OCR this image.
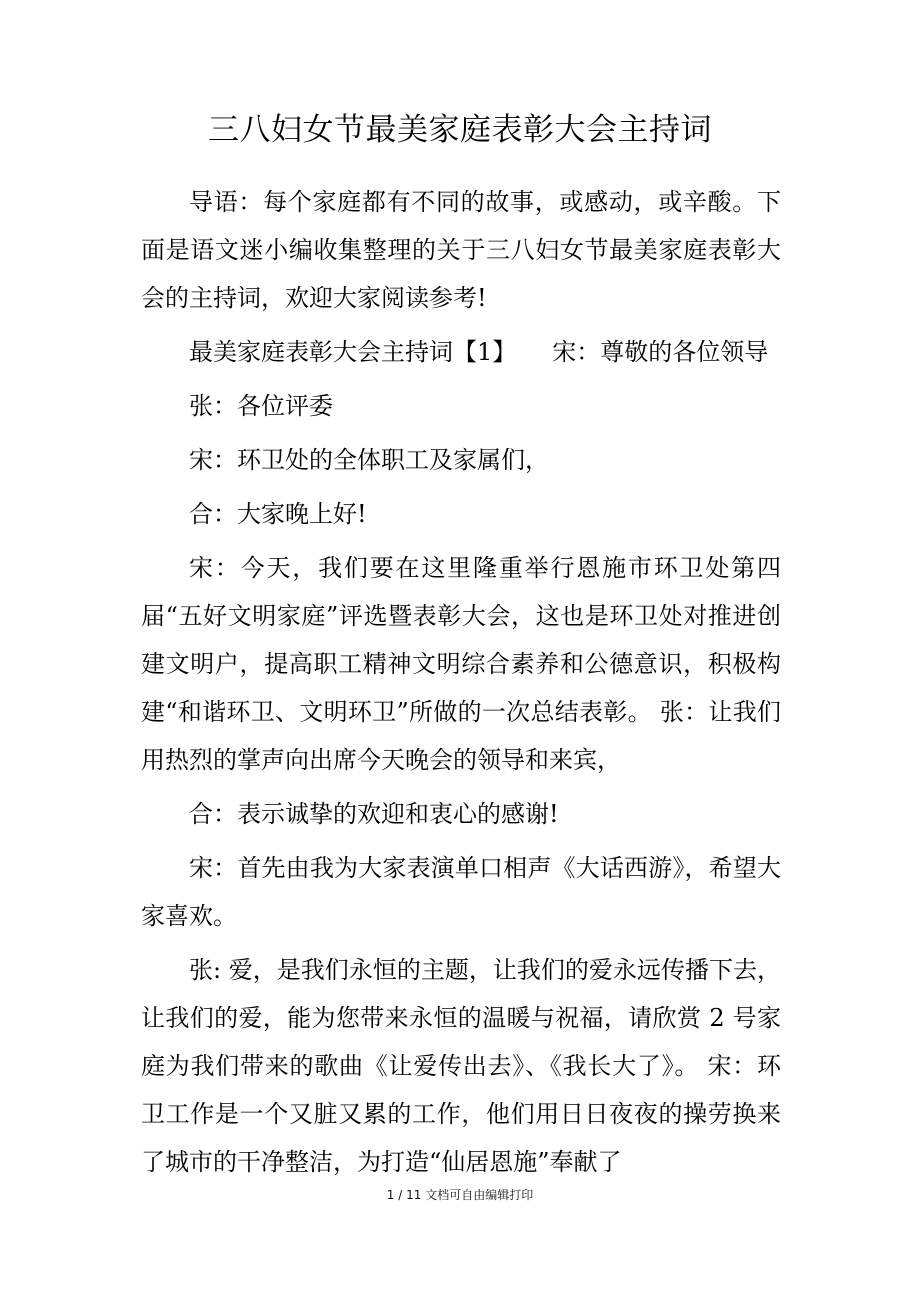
三八妇女节最美家庭表彰大会主持词

导语：每个家庭都有不同的故事，或感动，或辛酸。下面是语文迷小编收集整理的关于三八妇女节最美家庭表彰大会的主持词，欢迎大家阅读参考!

最美家庭表彰大会主持词【1】　　宋：尊敬的各位领导

张：各位评委

宋：环卫处的全体职工及家属们，

合：大家晚上好!

宋：今天，我们要在这里隆重举行恩施市环卫处第四届“五好文明家庭”评选暨表彰大会，这也是环卫处对推进创建文明户，提高职工精神文明综合素养和公德意识，积极构建“和谐环卫、文明环卫”所做的一次总结表彰。 张：让我们用热烈的掌声向出席今天晚会的领导和来宾，

合：表示诚挚的欢迎和衷心的感谢!

宋：首先由我为大家表演单口相声《大话西游》，希望大家喜欢。

张: 爱，是我们永恒的主题，让我们的爱永远传播下去，让我们的爱，能为您带来永恒的温暖与祝福，请欣赏 2 号家庭为我们带来的歌曲《让爱传出去》、《我长大了》。 宋：环卫工作是一个又脏又累的工作，他们用日日夜夜的操劳换来了城市的干净整洁，为打造“仙居恩施”奉献了

1 / 11 文档可自由编辑打印
